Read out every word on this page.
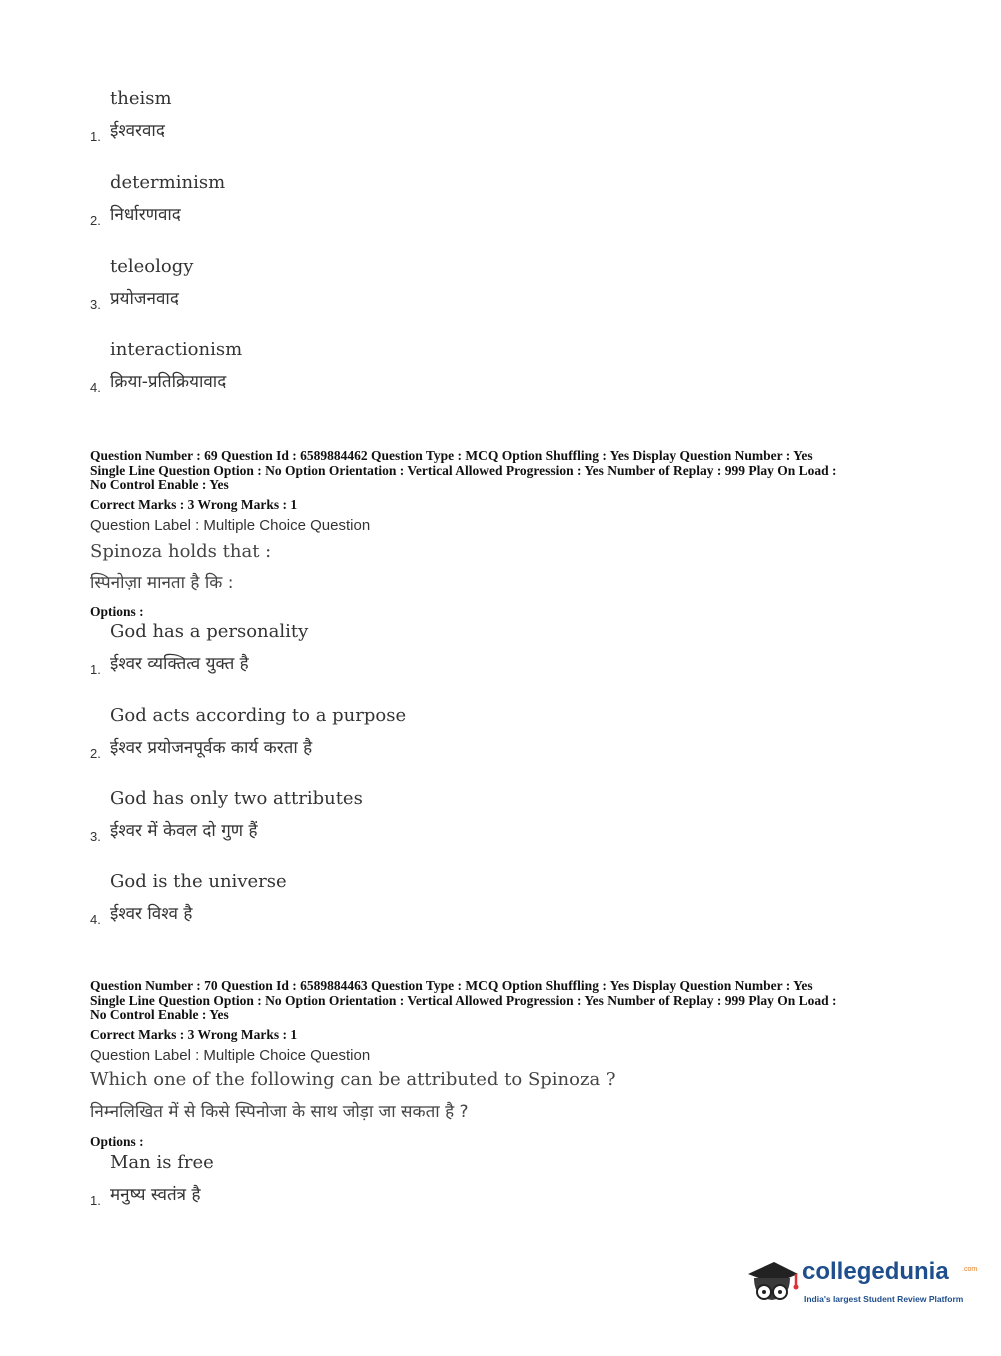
theism
ईश्वरवाद
1.
determinism
निर्धारणवाद
2.
teleology
प्रयोजनवाद
3.
interactionism
क्रिया-प्रतिक्रियावाद
4.
Question Number : 69 Question Id : 6589884462 Question Type : MCQ Option Shuffling : Yes Display Question Number : Yes
Single Line Question Option : No Option Orientation : Vertical Allowed Progression : Yes Number of Replay : 999 Play On Load :
No Control Enable : Yes
Correct Marks : 3 Wrong Marks : 1
Question Label : Multiple Choice Question
Spinoza holds that :
स्पिनोज़ा मानता है कि :
Options :
God has a personality
ईश्वर व्यक्तित्व युक्त है
1.
God acts according to a purpose
ईश्वर प्रयोजनपूर्वक कार्य करता है
2.
God has only two attributes
ईश्वर में केवल दो गुण हैं
3.
God is the universe
ईश्वर विश्व है
4.
Question Number : 70 Question Id : 6589884463 Question Type : MCQ Option Shuffling : Yes Display Question Number : Yes
Single Line Question Option : No Option Orientation : Vertical Allowed Progression : Yes Number of Replay : 999 Play On Load :
No Control Enable : Yes
Correct Marks : 3 Wrong Marks : 1
Question Label : Multiple Choice Question
Which one of the following can be attributed to Spinoza ?
निम्नलिखित में से किसे स्पिनोजा के साथ जोड़ा जा सकता है ?
Options :
Man is free
मनुष्य स्वतंत्र है
1.
collegedunia .com
India's largest Student Review Platform
